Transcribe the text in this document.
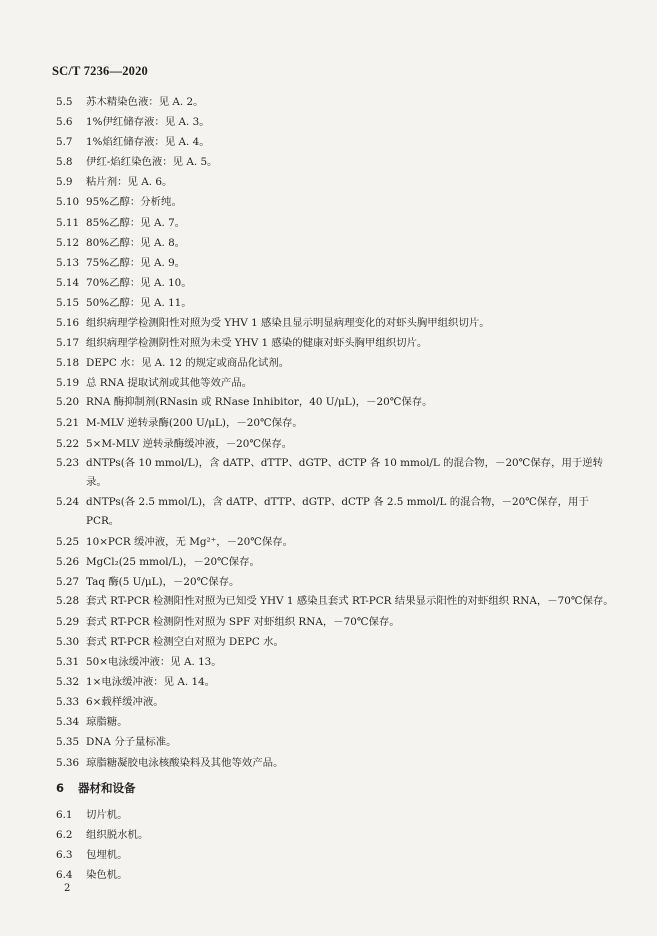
SC/T 7236—2020
5.5 苏木精染色液：见 A. 2。
5.6 1%伊红储存液：见 A. 3。
5.7 1%焰红储存液：见 A. 4。
5.8 伊红-焰红染色液：见 A. 5。
5.9 粘片剂：见 A. 6。
5.10 95%乙醇：分析纯。
5.11 85%乙醇：见 A. 7。
5.12 80%乙醇：见 A. 8。
5.13 75%乙醇：见 A. 9。
5.14 70%乙醇：见 A. 10。
5.15 50%乙醇：见 A. 11。
5.16 组织病理学检测阳性对照为受 YHV 1 感染且显示明显病理变化的对虾头胸甲组织切片。
5.17 组织病理学检测阴性对照为未受 YHV 1 感染的健康对虾头胸甲组织切片。
5.18 DEPC 水：见 A. 12 的规定或商品化试剂。
5.19 总 RNA 提取试剂或其他等效产品。
5.20 RNA 酶抑制剂(RNasin 或 RNase Inhibitor，40 U/μL)，－20℃保存。
5.21 M-MLV 逆转录酶(200 U/μL)，－20℃保存。
5.22 5×M-MLV 逆转录酶缓冲液，－20℃保存。
5.23 dNTPs(各 10 mmol/L)，含 dATP、dTTP、dGTP、dCTP 各 10 mmol/L 的混合物，－20℃保存，用于逆转录。
5.24 dNTPs(各 2.5 mmol/L)，含 dATP、dTTP、dGTP、dCTP 各 2.5 mmol/L 的混合物，－20℃保存，用于 PCR。
5.25 10×PCR 缓冲液，无 Mg²⁺，－20℃保存。
5.26 MgCl₂(25 mmol/L)，－20℃保存。
5.27 Taq 酶(5 U/μL)，－20℃保存。
5.28 套式 RT-PCR 检测阳性对照为已知受 YHV 1 感染且套式 RT-PCR 结果显示阳性的对虾组织 RNA，－70℃保存。
5.29 套式 RT-PCR 检测阴性对照为 SPF 对虾组织 RNA，－70℃保存。
5.30 套式 RT-PCR 检测空白对照为 DEPC 水。
5.31 50×电泳缓冲液：见 A. 13。
5.32 1×电泳缓冲液：见 A. 14。
5.33 6×载样缓冲液。
5.34 琼脂糖。
5.35 DNA 分子量标准。
5.36 琼脂糖凝胶电泳核酸染料及其他等效产品。
6 器材和设备
6.1 切片机。
6.2 组织脱水机。
6.3 包埋机。
6.4 染色机。
2
